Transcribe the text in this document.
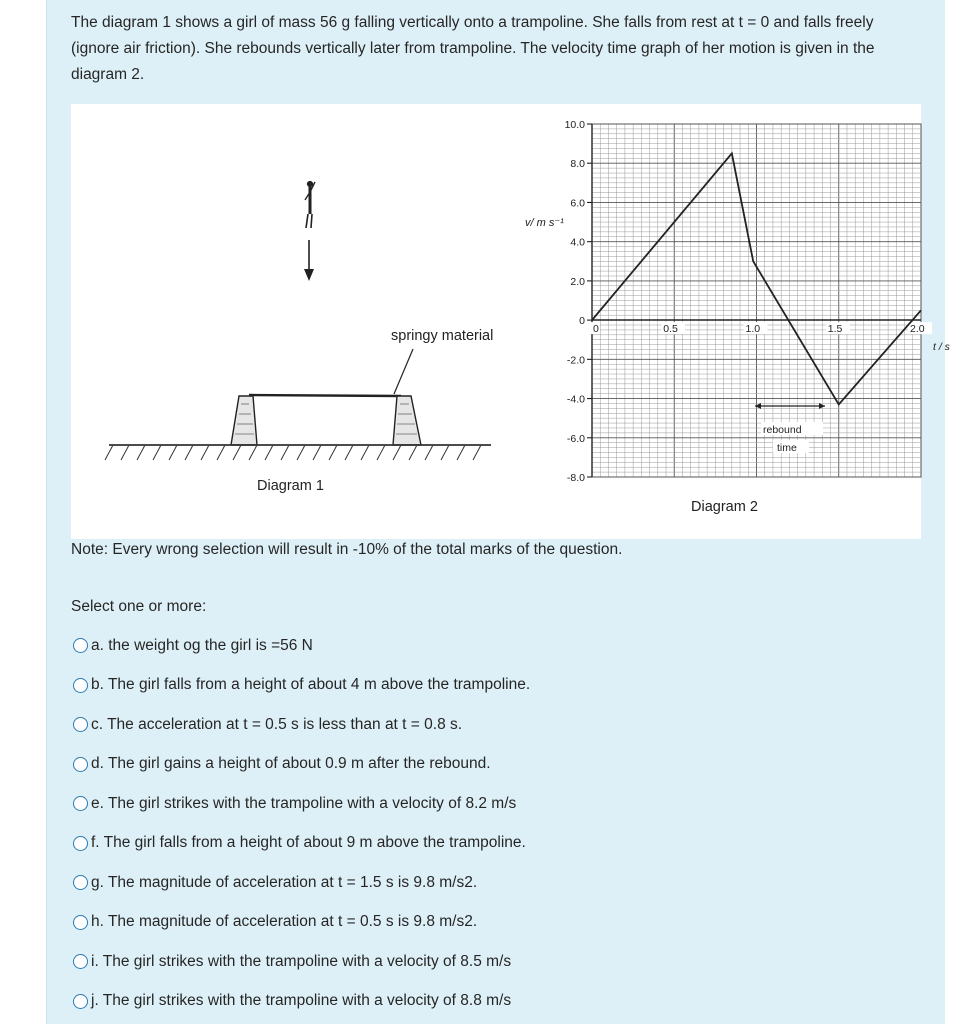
The diagram 1 shows a girl of mass 56 g falling vertically onto a trampoline. She falls from rest at t = 0 and falls freely (ignore air friction). She rebounds vertically later from trampoline. The velocity time graph of her motion is given in the diagram 2.

springy material
Diagram 1
10.0
8.0
6.0
4.0
2.0
0
-2.0
-4.0
-6.0
-8.0
0	0.5	1.0	1.5	2.0
v/ m s⁻¹
t / s
rebound
time
Diagram 2
Note: Every wrong selection will result in -10% of the total marks of the question.
Select one or more:
a. the weight og the girl is =56 N
b. The girl falls from a height of about 4 m above the trampoline.
c. The acceleration at t = 0.5 s is less than at t = 0.8 s.
d. The girl gains a height of about 0.9 m after the rebound.
e. The girl strikes with the trampoline with a velocity of 8.2 m/s
f. The girl falls from a height of about 9 m above the trampoline.
g. The magnitude of acceleration at t = 1.5 s is 9.8 m/s2.
h. The magnitude of acceleration at t = 0.5 s is 9.8 m/s2.
i. The girl strikes with the trampoline with a velocity of 8.5 m/s
j. The girl strikes with the trampoline with a velocity of 8.8 m/s
